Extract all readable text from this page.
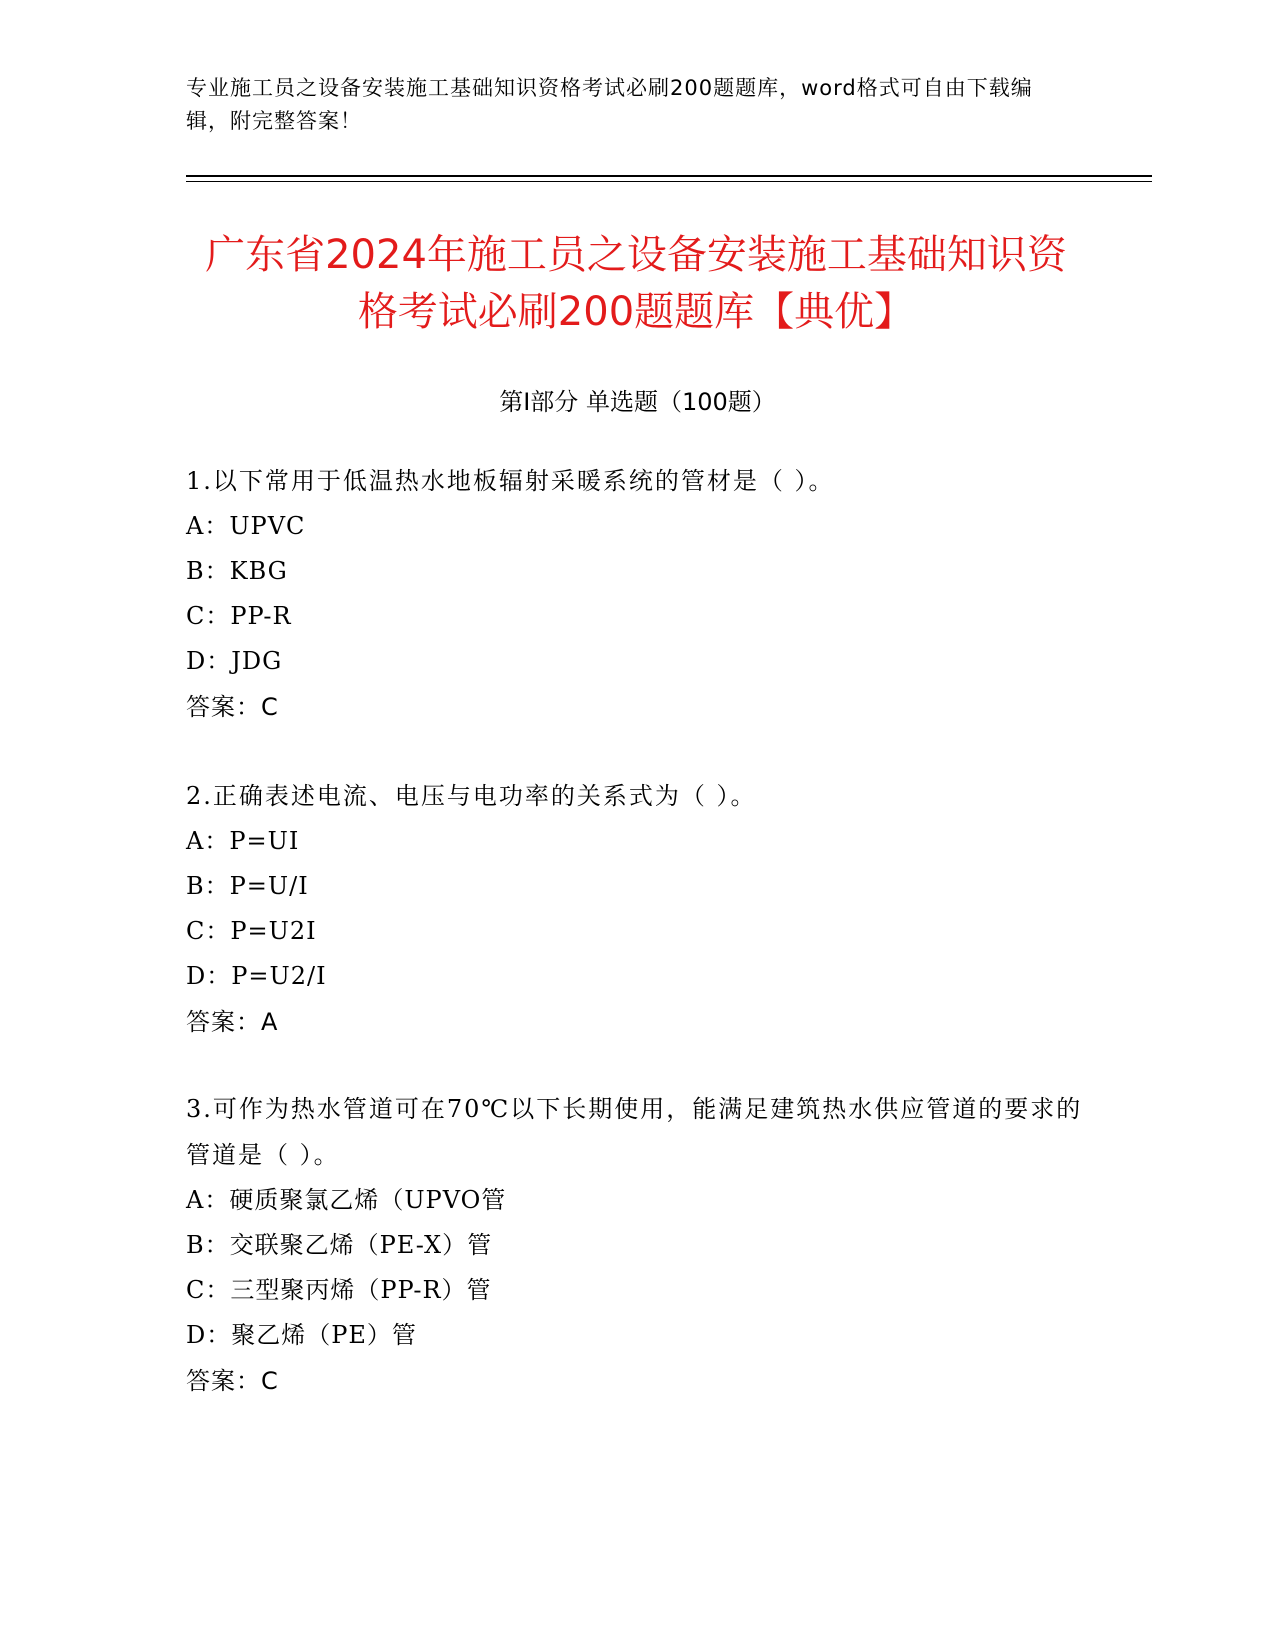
专业施工员之设备安装施工基础知识资格考试必刷200题题库，word格式可自由下载编辑，附完整答案！
广东省2024年施工员之设备安装施工基础知识资格考试必刷200题题库【典优】
第Ⅰ部分 单选题（100题）
1.以下常用于低温热水地板辐射采暖系统的管材是（ ）。
A：UPVC
B：KBG
C：PP-R
D：JDG
答案：C
2.正确表述电流、电压与电功率的关系式为（ ）。
A：P=UI
B：P=U/I
C：P=U2I
D：P=U2/I
答案：A
3.可作为热水管道可在70℃以下长期使用，能满足建筑热水供应管道的要求的管道是（ ）。
A：硬质聚氯乙烯（UPVO管
B：交联聚乙烯（PE-X）管
C：三型聚丙烯（PP-R）管
D：聚乙烯（PE）管
答案：C
